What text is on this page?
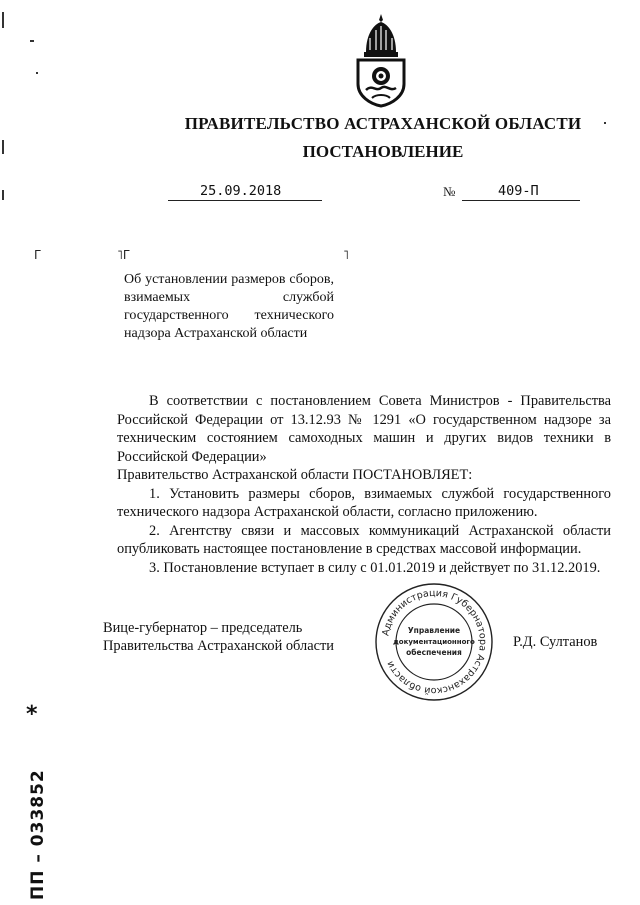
ПРАВИТЕЛЬСТВО АСТРАХАНСКОЙ ОБЛАСТИ
ПОСТАНОВЛЕНИЕ
25.09.2018	№	409-П
Г	˥Г	˥
Об установлении размеров сборов, взимаемых службой государственного технического надзора Астраханской области

В соответствии с постановлением Совета Министров - Правительства Российской Федерации от 13.12.93 № 1291 «О государственном надзоре за техническим состоянием самоходных машин и других видов техники в Российской Федерации»

Правительство Астраханской области ПОСТАНОВЛЯЕТ:

1. Установить размеры сборов, взимаемых службой государственного технического надзора Астраханской области, согласно приложению.

2. Агентству связи и массовых коммуникаций Астраханской области опубликовать настоящее постановление в средствах массовой информации.

3. Постановление вступает в силу с 01.01.2019 и действует по 31.12.2019.

Вице-губернатор – председатель
Правительства Астраханской области	Р.Д. Султанов
Администрация Губернатора Астраханской области
Управление
документационного
обеспечения
*
ПП – 033852
